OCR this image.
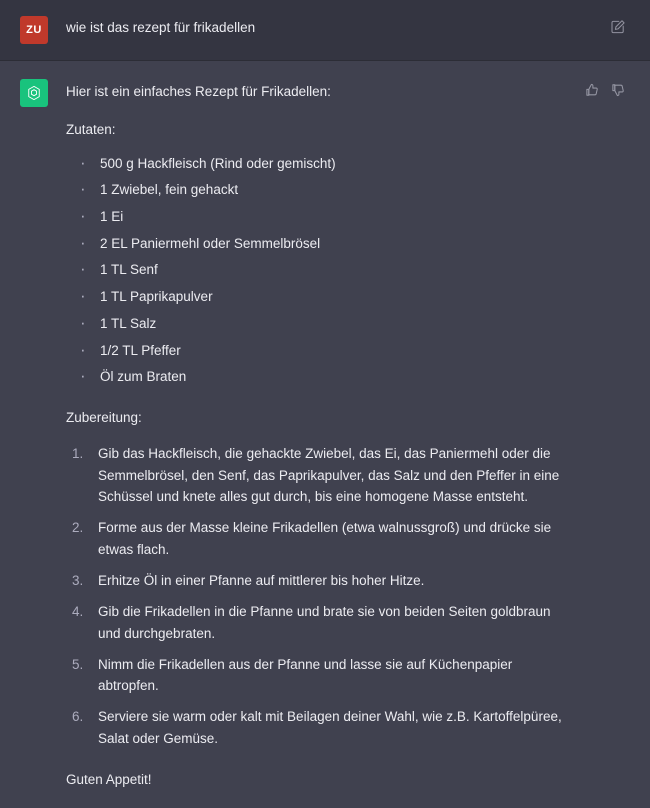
ZU wie ist das rezept für frikadellen

Hier ist ein einfaches Rezept für Frikadellen:

Zutaten:

· 500 g Hackfleisch (Rind oder gemischt)
· 1 Zwiebel, fein gehackt
· 1 Ei
· 2 EL Paniermehl oder Semmelbrösel
· 1 TL Senf
· 1 TL Paprikapulver
· 1 TL Salz
· 1/2 TL Pfeffer
· Öl zum Braten

Zubereitung:

Gib das Hackfleisch, die gehackte Zwiebel, das Ei, das Paniermehl oder die Semmelbrösel, den Senf, das Paprikapulver, das Salz und den Pfeffer in eine Schüssel und knete alles gut durch, bis eine homogene Masse entsteht.
Forme aus der Masse kleine Frikadellen (etwa walnussgroß) und drücke sie etwas flach.
Erhitze Öl in einer Pfanne auf mittlerer bis hoher Hitze.
Gib die Frikadellen in die Pfanne und brate sie von beiden Seiten goldbraun und durchgebraten.
Nimm die Frikadellen aus der Pfanne und lasse sie auf Küchenpapier abtropfen.
Serviere sie warm oder kalt mit Beilagen deiner Wahl, wie z.B. Kartoffelpüree, Salat oder Gemüse.

Guten Appetit!
